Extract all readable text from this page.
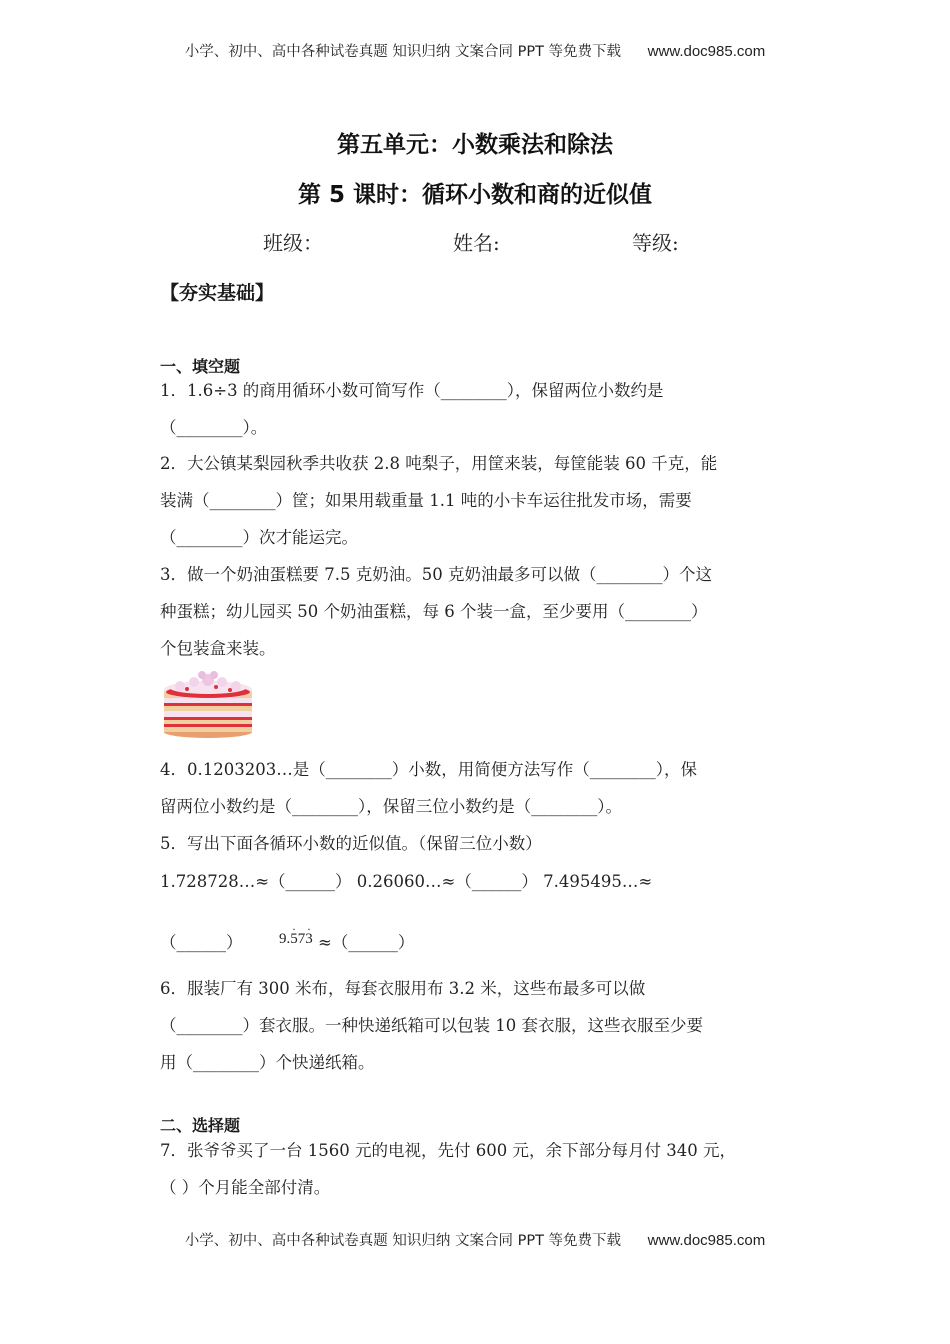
小学、初中、高中各种试卷真题 知识归纳 文案合同 PPT 等免费下载 www.doc985.com
第五单元：小数乘法和除法
第 5 课时：循环小数和商的近似值
班级：	姓名:	等级:
【夯实基础】
一、填空题

1．1.6÷3 的商用循环小数可简写作（________），保留两位小数约是

（________）。

2．大公镇某梨园秋季共收获 2.8 吨梨子，用筐来装，每筐能装 60 千克，能

装满（________）筐；如果用载重量 1.1 吨的小卡车运往批发市场，需要

（________）次才能运完。

3．做一个奶油蛋糕要 7.5 克奶油。50 克奶油最多可以做（________）个这

种蛋糕；幼儿园买 50 个奶油蛋糕，每 6 个装一盒，至少要用（________）

个包装盒来装。

4．0.1203203…是（________）小数，用简便方法写作（________），保

留两位小数约是（________），保留三位小数约是（________）。

5．写出下面各循环小数的近似值。（保留三位小数）

1.728728…≈（______） 0.26060…≈（______） 7.495495…≈
（______） 9.5 ·73 · ≈（______）

6．服装厂有 300 米布，每套衣服用布 3.2 米，这些布最多可以做

（________）套衣服。一种快递纸箱可以包装 10 套衣服，这些衣服至少要

用（________）个快递纸箱。

二、选择题

7．张爷爷买了一台 1560 元的电视，先付 600 元，余下部分每月付 340 元，

（ ）个月能全部付清。

小学、初中、高中各种试卷真题 知识归纳 文案合同 PPT 等免费下载 www.doc985.com
